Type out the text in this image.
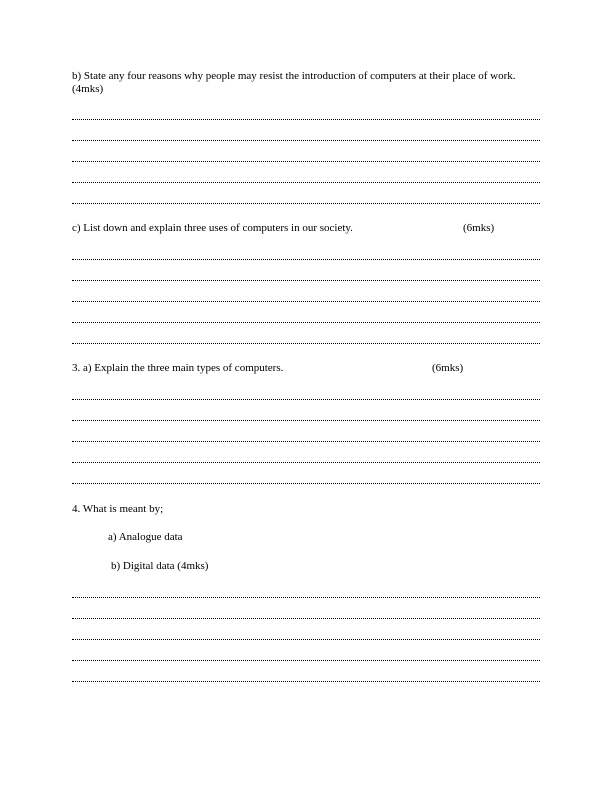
b) State any four reasons why people may resist the introduction of computers at their place of work. (4mks)
c) List down and explain three uses of computers in our society.	(6mks)
3. a) Explain the three main types of computers.	(6mks)
4. What is meant by;
a) Analogue data
b) Digital data (4mks)
